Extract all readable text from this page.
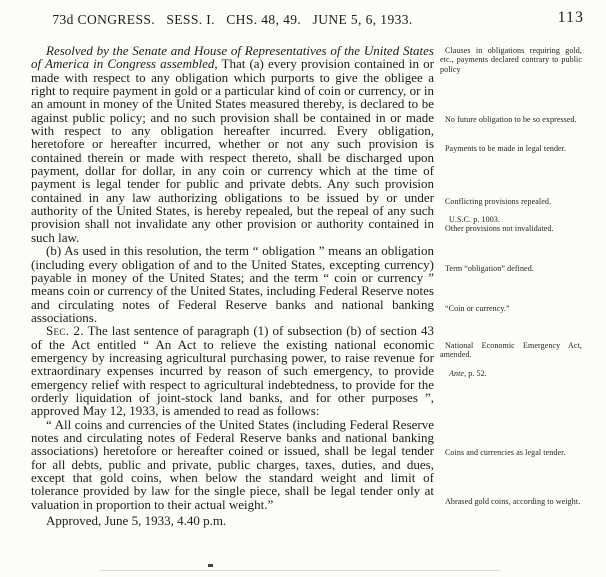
73d CONGRESS.   SESS. I.   CHS. 48, 49.   JUNE 5, 6, 1933.	113

Resolved by the Senate and House of Representatives of the United States of America in Congress assembled, That (a) every provision contained in or made with respect to any obligation which purports to give the obligee a right to require payment in gold or a particular kind of coin or currency, or in an amount in money of the United States measured thereby, is declared to be against public policy; and no such provision shall be contained in or made with respect to any obligation hereafter incurred. Every obligation, heretofore or hereafter incurred, whether or not any such provision is contained therein or made with respect thereto, shall be discharged upon payment, dollar for dollar, in any coin or currency which at the time of payment is legal tender for public and private debts. Any such provision contained in any law authorizing obligations to be issued by or under authority of the United States, is hereby repealed, but the repeal of any such provision shall not invalidate any other provision or authority contained in such law.

(b) As used in this resolution, the term “ obligation ” means an obligation (including every obligation of and to the United States, excepting currency) payable in money of the United States; and the term “ coin or currency ” means coin or currency of the United States, including Federal Reserve notes and circulating notes of Federal Reserve banks and national banking associations.

Sec. 2. The last sentence of paragraph (1) of subsection (b) of section 43 of the Act entitled “ An Act to relieve the existing national economic emergency by increasing agricultural purchasing power, to raise revenue for extraordinary expenses incurred by reason of such emergency, to provide emergency relief with respect to agricultural indebtedness, to provide for the orderly liquidation of joint-stock land banks, and for other purposes ”, approved May 12, 1933, is amended to read as follows:

“ All coins and currencies of the United States (including Federal Reserve notes and circulating notes of Federal Reserve banks and national banking associations) heretofore or hereafter coined or issued, shall be legal tender for all debts, public and private, public charges, taxes, duties, and dues, except that gold coins, when below the standard weight and limit of tolerance provided by law for the single piece, shall be legal tender only at valuation in proportion to their actual weight.”

Approved, June 5, 1933, 4.40 p.m.

Clauses in obligations requiring gold, etc., payments declared contrary to public policy
No future obligation to be so expressed.
Payments to be made in legal tender.
Conflicting provisions repealed.
U.S.C. p. 1003.
Other provisions not invalidated.
Term “obligation” defined.
“Coin or currency.”
National Economic Emergency Act, amended.
Ante, p. 52.
Coins and currencies as legal tender.
Abrased gold coins, according to weight.
